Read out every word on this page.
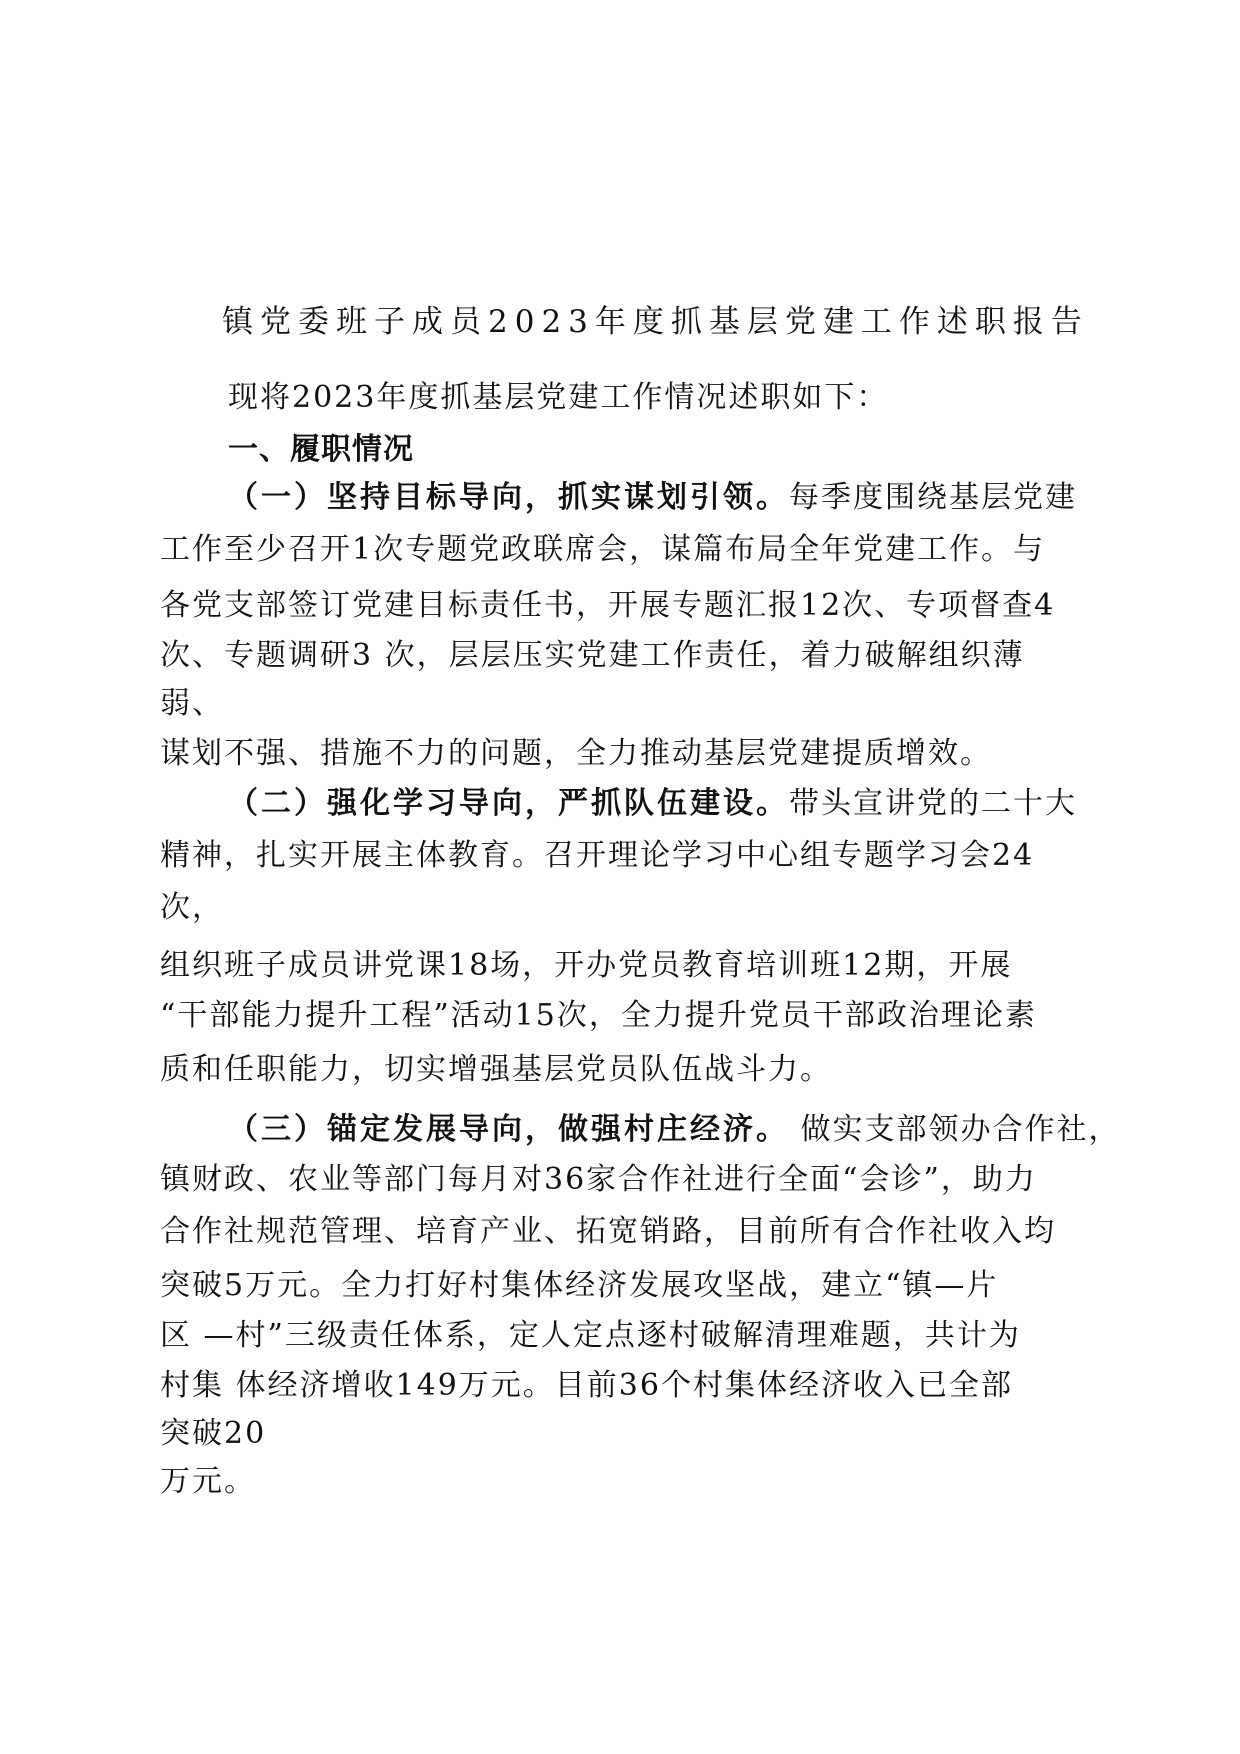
镇党委班子成员2023年度抓基层党建工作述职报告
现将2023年度抓基层党建工作情况述职如下：
一、履职情况
（一）坚持目标导向，抓实谋划引领。每季度围绕基层党建
工作至少召开1次专题党政联席会，谋篇布局全年党建工作。与
各党支部签订党建目标责任书，开展专题汇报12次、专项督查4
次、专题调研3 次，层层压实党建工作责任，着力破解组织薄
弱、
谋划不强、措施不力的问题，全力推动基层党建提质增效。
（二）强化学习导向，严抓队伍建设。带头宣讲党的二十大
精神，扎实开展主体教育。召开理论学习中心组专题学习会24
次，
组织班子成员讲党课18场，开办党员教育培训班12期，开展
“干部能力提升工程”活动15次，全力提升党员干部政治理论素
质和任职能力，切实增强基层党员队伍战斗力。
（三）锚定发展导向，做强村庄经济。 做实支部领办合作社，
镇财政、农业等部门每月对36家合作社进行全面“会诊”，助力
合作社规范管理、培育产业、拓宽销路，目前所有合作社收入均
突破5万元。全力打好村集体经济发展攻坚战，建立“镇—片
区 —村”三级责任体系，定人定点逐村破解清理难题，共计为
村集 体经济增收149万元。目前36个村集体经济收入已全部
突破20
万元。
